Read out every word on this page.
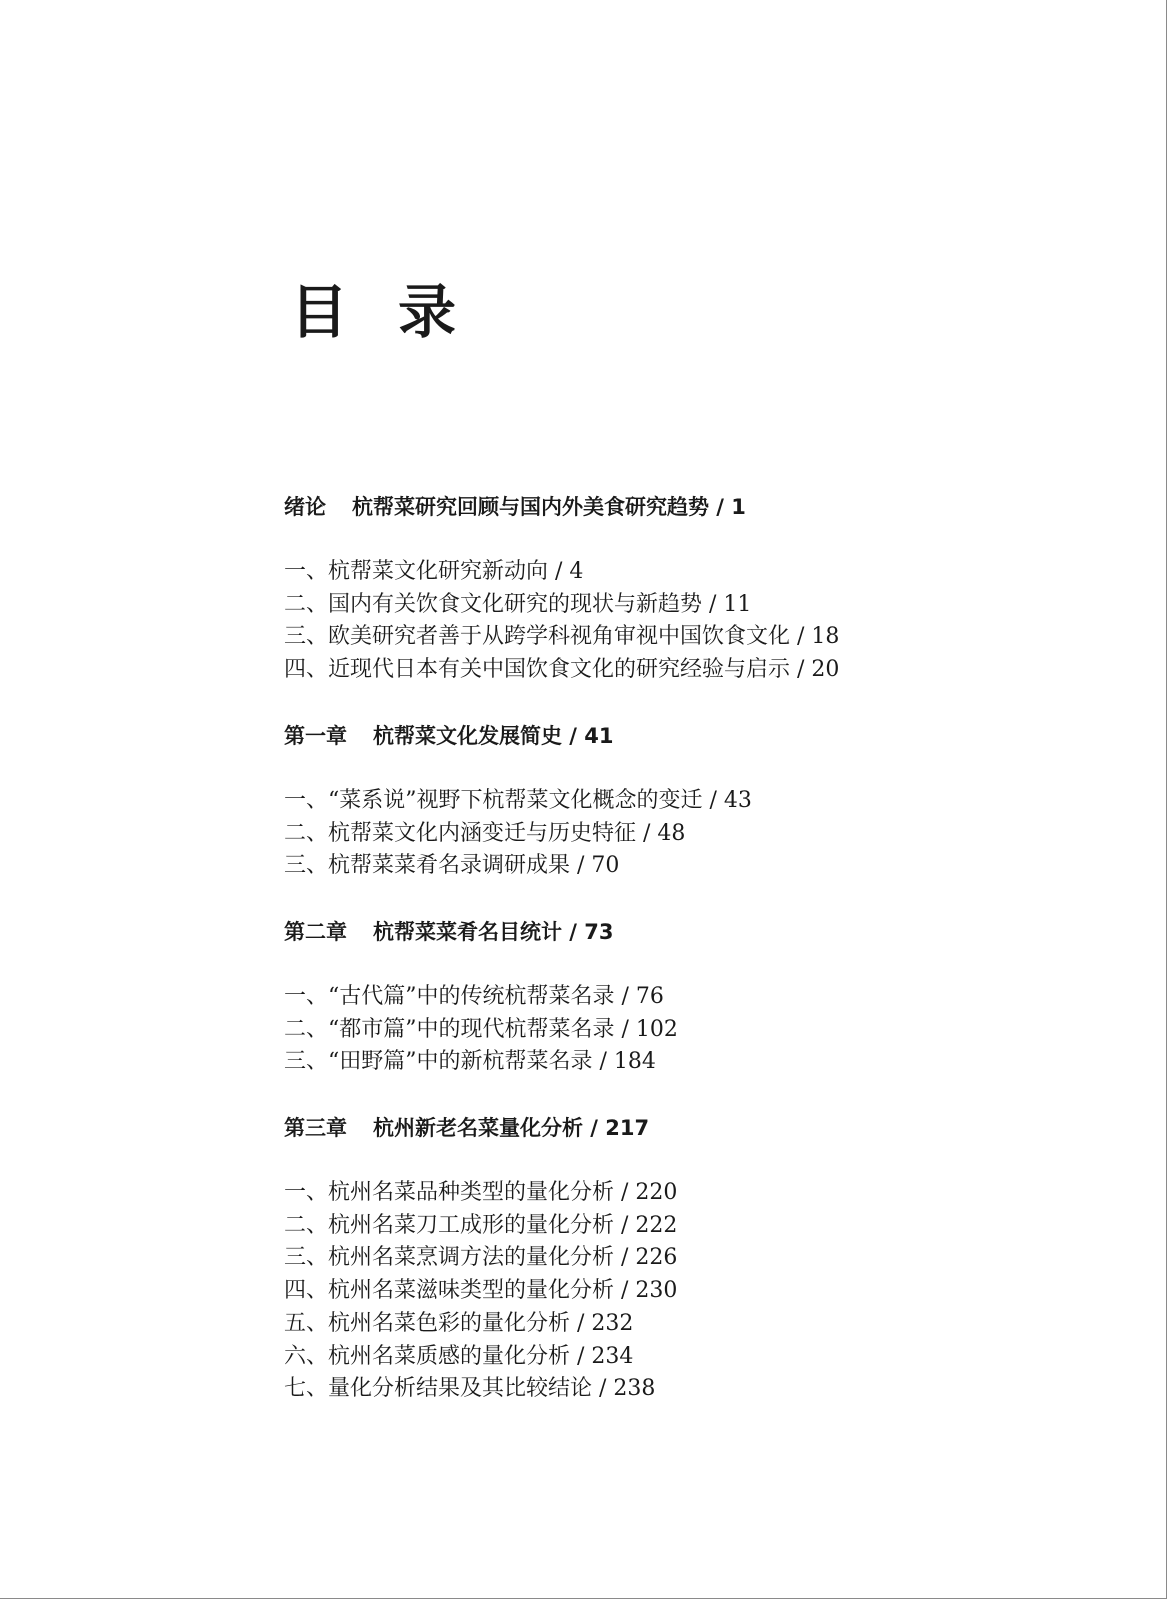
目录
绪论 杭帮菜研究回顾与国内外美食研究趋势 / 1
一、杭帮菜文化研究新动向 / 4
二、国内有关饮食文化研究的现状与新趋势 / 11
三、欧美研究者善于从跨学科视角审视中国饮食文化 / 18
四、近现代日本有关中国饮食文化的研究经验与启示 / 20
第一章 杭帮菜文化发展简史 / 41
一、“菜系说”视野下杭帮菜文化概念的变迁 / 43
二、杭帮菜文化内涵变迁与历史特征 / 48
三、杭帮菜菜肴名录调研成果 / 70
第二章 杭帮菜菜肴名目统计 / 73
一、“古代篇”中的传统杭帮菜名录 / 76
二、“都市篇”中的现代杭帮菜名录 / 102
三、“田野篇”中的新杭帮菜名录 / 184
第三章 杭州新老名菜量化分析 / 217
一、杭州名菜品种类型的量化分析 / 220
二、杭州名菜刀工成形的量化分析 / 222
三、杭州名菜烹调方法的量化分析 / 226
四、杭州名菜滋味类型的量化分析 / 230
五、杭州名菜色彩的量化分析 / 232
六、杭州名菜质感的量化分析 / 234
七、量化分析结果及其比较结论 / 238
